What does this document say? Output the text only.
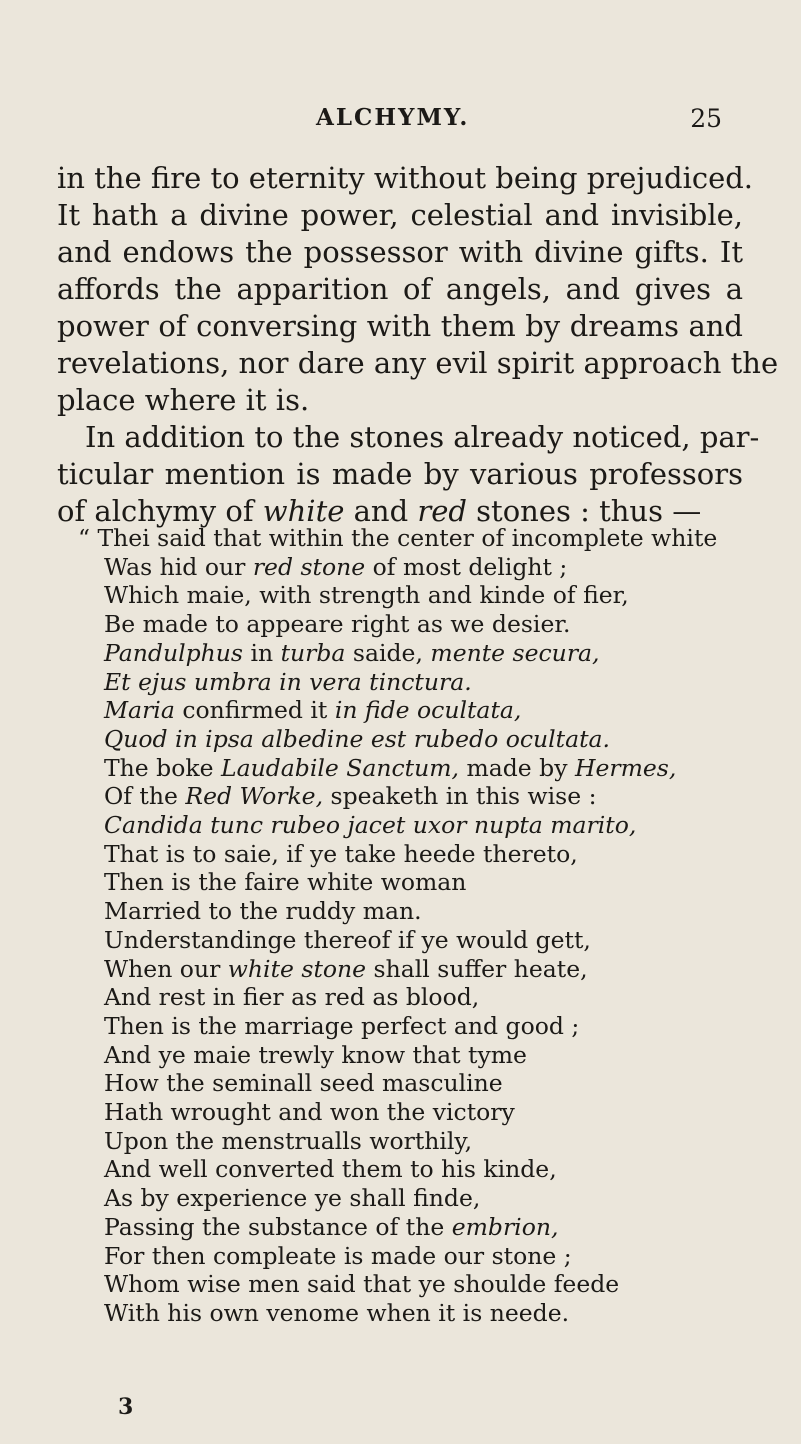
ALCHYMY.	25
in the fire to eternity without being prejudiced.
It hath a divine power, celestial and invisible,
and endows the possessor with divine gifts. It
affords the apparition of angels, and gives a
power of conversing with them by dreams and
revelations, nor dare any evil spirit approach the
place where it is.
In addition to the stones already noticed, par-
ticular mention is made by various professors
of alchymy of white and red stones : thus —
“ Thei said that within the center of incomplete white
Was hid our red stone of most delight ;
Which maie, with strength and kinde of fier,
Be made to appeare right as we desier.
Pandulphus in turba saide, mente secura,
Et ejus umbra in vera tinctura.
Maria confirmed it in fide ocultata,
Quod in ipsa albedine est rubedo ocultata.
The boke Laudabile Sanctum, made by Hermes,
Of the Red Worke, speaketh in this wise :
Candida tunc rubeo jacet uxor nupta marito,
That is to saie, if ye take heede thereto,
Then is the faire white woman
Married to the ruddy man.
Understandinge thereof if ye would gett,
When our white stone shall suffer heate,
And rest in fier as red as blood,
Then is the marriage perfect and good ;
And ye maie trewly know that tyme
How the seminall seed masculine
Hath wrought and won the victory
Upon the menstrualls worthily,
And well converted them to his kinde,
As by experience ye shall finde,
Passing the substance of the embrion,
For then compleate is made our stone ;
Whom wise men said that ye shoulde feede
With his own venome when it is neede.
3
